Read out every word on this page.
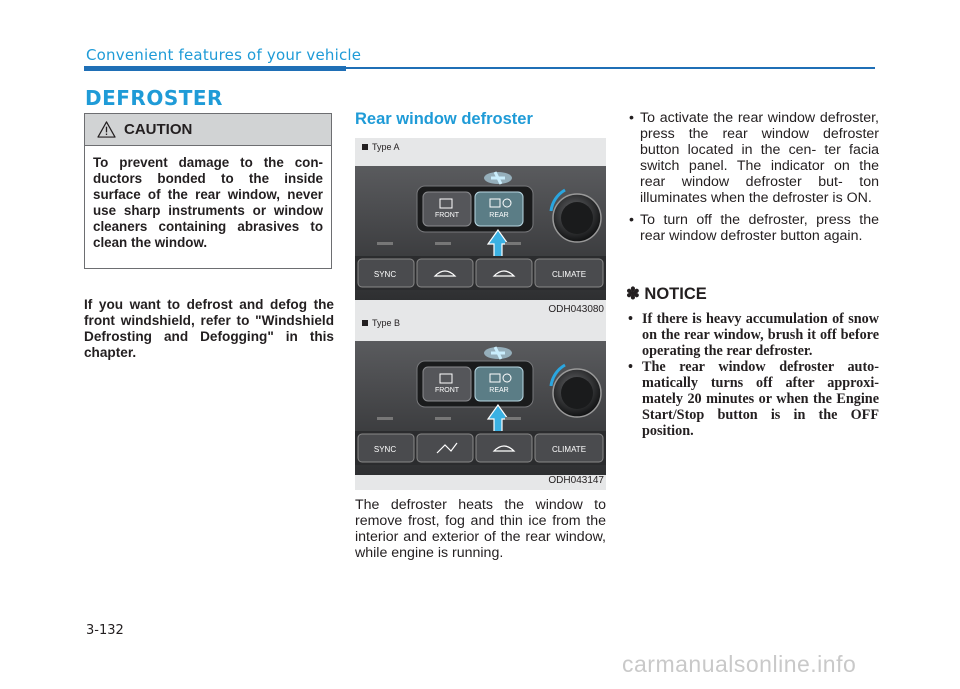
Convenient features of your vehicle
DEFROSTER
CAUTION
To prevent damage to the con- ductors bonded to the inside surface of the rear window, never use sharp instruments or window cleaners containing abrasives to clean the window.
If you want to defrost and defog the front windshield, refer to "Windshield Defrosting and Defogging" in this chapter.
Rear window defroster
Type A
FRONT	REAR
SYNC	CLIMATE
ODH043080
Type B
FRONT	REAR
SYNC	CLIMATE
ODH043147
The defroster heats the window to remove frost, fog and thin ice from the interior and exterior of the rear window, while engine is running.
• To activate the rear window defroster, press the rear window defroster button located in the cen- ter facia switch panel. The indicator on the rear window defroster but- ton illuminates when the defroster is ON.
• To turn off the defroster, press the rear window defroster button again.
✽ NOTICE
• If there is heavy accumulation of snow on the rear window, brush it off before operating the rear defroster.
• The rear window defroster auto- matically turns off after approxi- mately 20 minutes or when the Engine Start/Stop button is in the OFF position.
3-132
carmanualsonline.info
